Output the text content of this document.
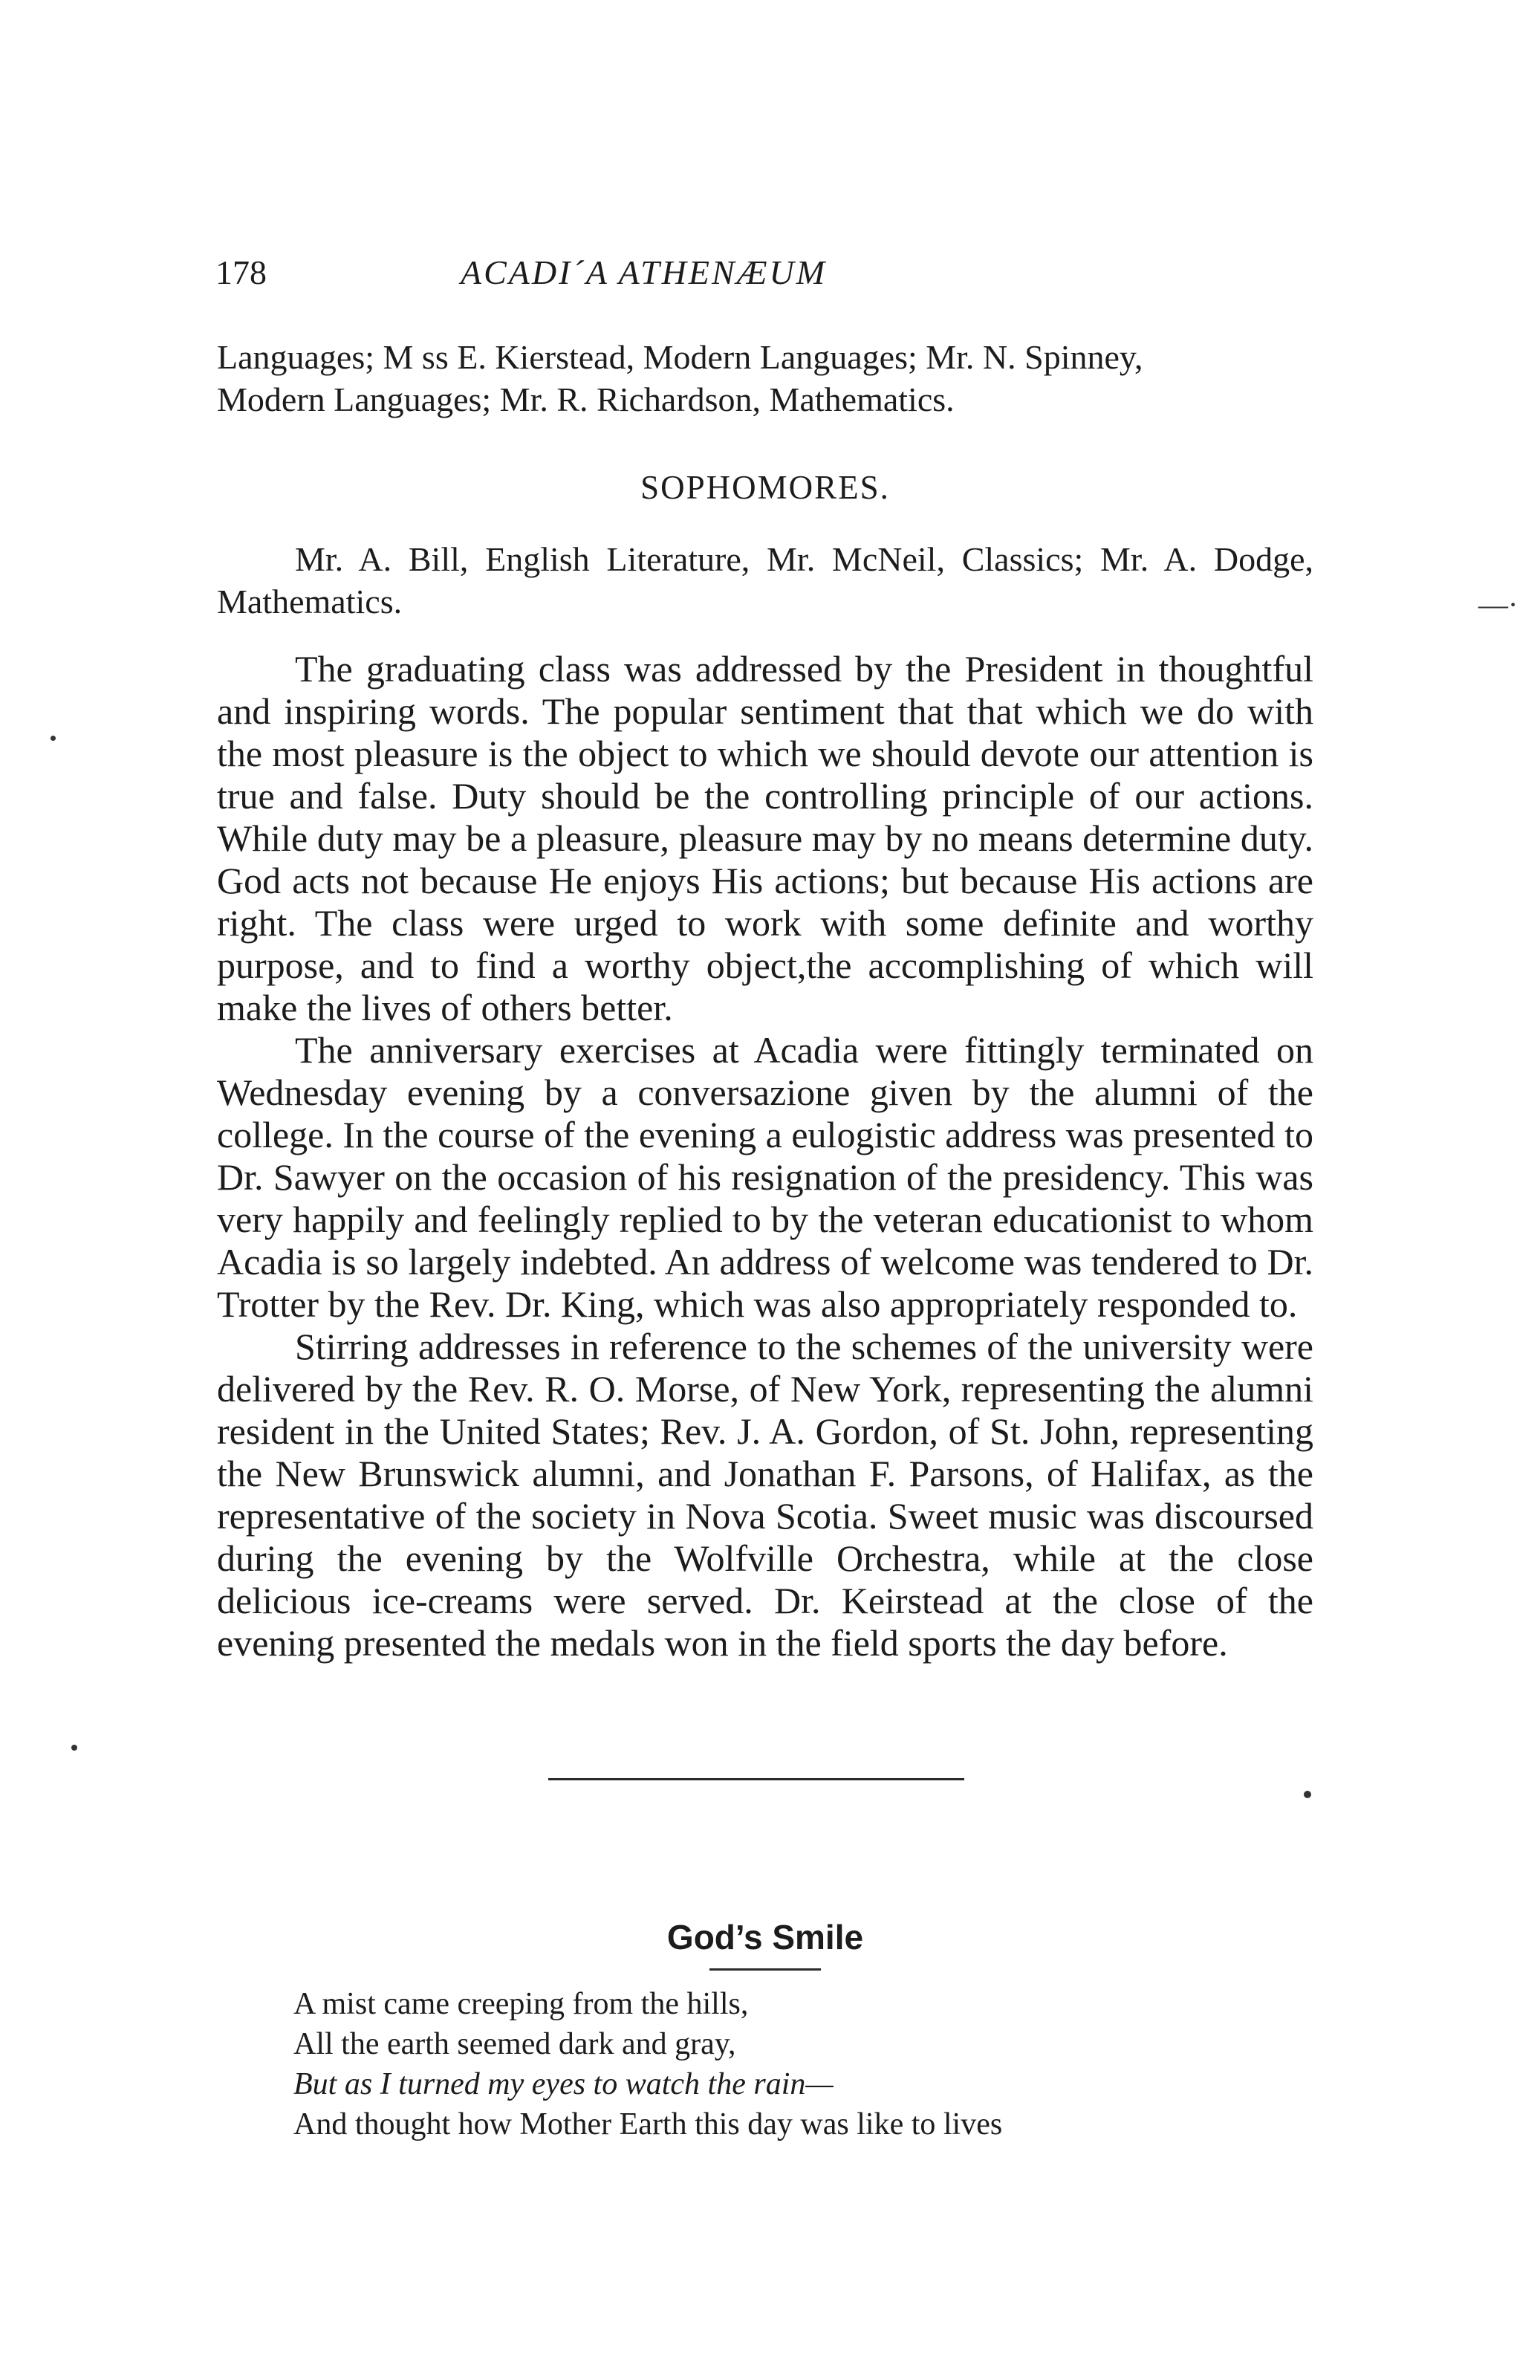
178	ACADI´A ATHENÆUM

Languages; M ss E. Kierstead, Modern Languages; Mr. N. Spinney,

Modern Languages; Mr. R. Richardson, Mathematics.

SOPHOMORES.

Mr. A. Bill, English Literature, Mr. McNeil, Classics; Mr. A. Dodge, Mathematics.	—·

The graduating class was addressed by the President in thoughtful and inspiring words. The popular sentiment that that which we do with the most pleasure is the object to which we should devote our attention is true and false. Duty should be the controlling principle of our actions. While duty may be a pleasure, pleasure may by no means determine duty. God acts not because He enjoys His actions; but because His actions are right. The class were urged to work with some definite and worthy purpose, and to find a worthy object,the accomplishing of which will make the lives of others better.

The anniversary exercises at Acadia were fittingly terminated on Wednesday evening by a conversazione given by the alumni of the college. In the course of the evening a eulogistic address was presented to Dr. Sawyer on the occasion of his resignation of the presidency. This was very happily and feelingly replied to by the veteran educationist to whom Acadia is so largely indebted. An address of welcome was tendered to Dr. Trotter by the Rev. Dr. King, which was also appropriately responded to.

Stirring addresses in reference to the schemes of the university were delivered by the Rev. R. O. Morse, of New York, representing the alumni resident in the United States; Rev. J. A. Gordon, of St. John, representing the New Brunswick alumni, and Jonathan F. Parsons, of Halifax, as the representative of the society in Nova Scotia. Sweet music was discoursed during the evening by the Wolfville Orchestra, while at the close delicious ice-creams were served. Dr. Keirstead at the close of the evening presented the medals won in the field sports the day before.

God’s Smile
A mist came creeping from the hills,
All the earth seemed dark and gray,
But as I turned my eyes to watch the rain—
And thought how Mother Earth this day was like to lives
